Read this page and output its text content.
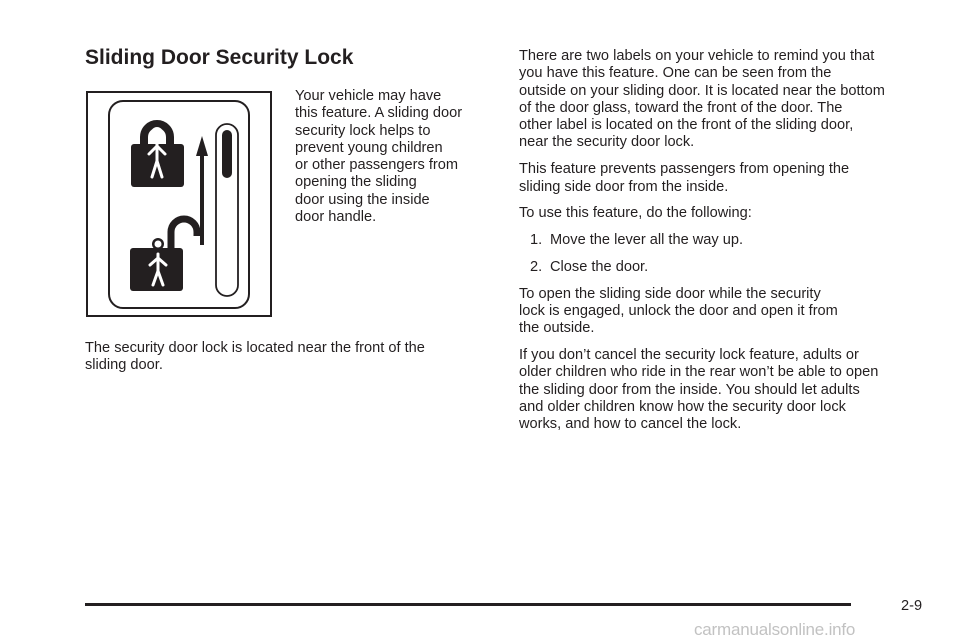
Sliding Door Security Lock
Your vehicle may have
this feature. A sliding door
security lock helps to
prevent young children
or other passengers from
opening the sliding
door using the inside
door handle.
The security door lock is located near the front of the
sliding door.
There are two labels on your vehicle to remind you that
you have this feature. One can be seen from the
outside on your sliding door. It is located near the bottom
of the door glass, toward the front of the door. The
other label is located on the front of the sliding door,
near the security door lock.
This feature prevents passengers from opening the
sliding side door from the inside.
To use this feature, do the following:
1. Move the lever all the way up.
2. Close the door.
To open the sliding side door while the security
lock is engaged, unlock the door and open it from
the outside.
If you don’t cancel the security lock feature, adults or
older children who ride in the rear won’t be able to open
the sliding door from the inside. You should let adults
and older children know how the security door lock
works, and how to cancel the lock.
2-9
carmanualsonline.info
